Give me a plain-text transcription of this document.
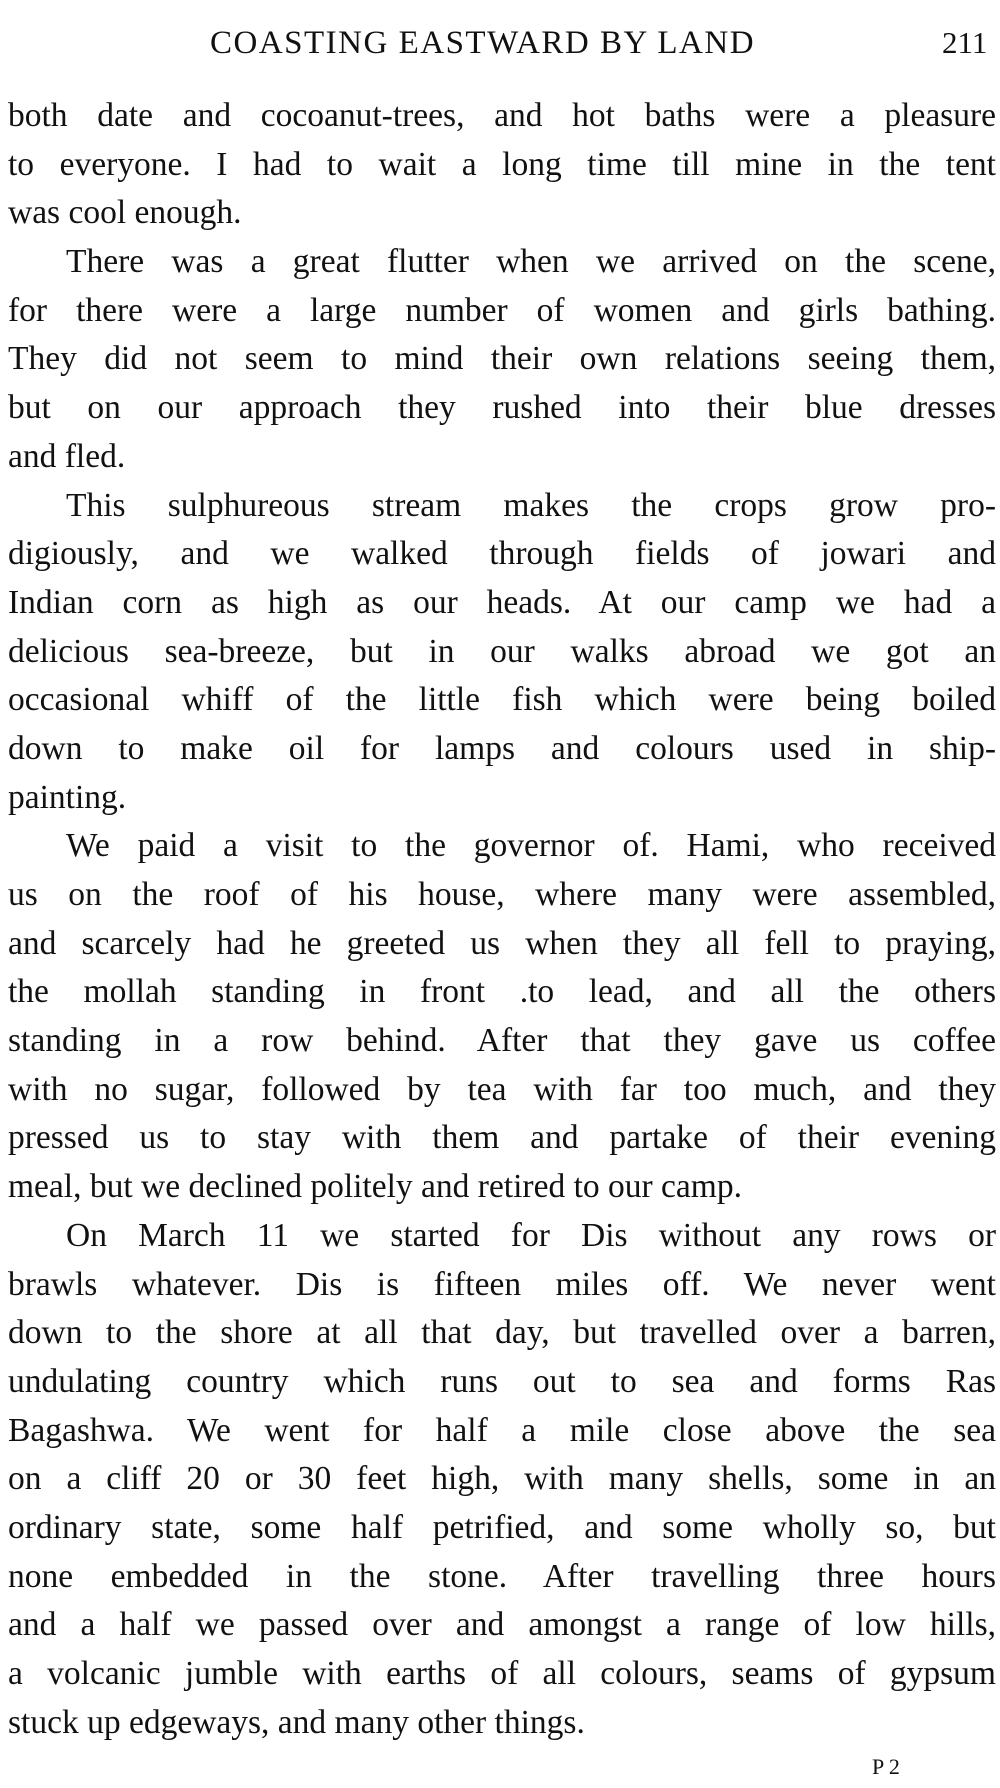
COASTING EASTWARD BY LAND	211
both date and cocoanut-trees, and hot baths were a pleasure
to everyone. I had to wait a long time till mine in the tent
was cool enough.
There was a great flutter when we arrived on the scene,
for there were a large number of women and girls bathing.
They did not seem to mind their own relations seeing them,
but on our approach they rushed into their blue dresses
and fled.
This sulphureous stream makes the crops grow pro-
digiously, and we walked through fields of jowari and
Indian corn as high as our heads. At our camp we had a
delicious sea-breeze, but in our walks abroad we got an
occasional whiff of the little fish which were being boiled
down to make oil for lamps and colours used in ship-
painting.
We paid a visit to the governor of. Hami, who received
us on the roof of his house, where many were assembled,
and scarcely had he greeted us when they all fell to praying,
the mollah standing in front .to lead, and all the others
standing in a row behind. After that they gave us coffee
with no sugar, followed by tea with far too much, and they
pressed us to stay with them and partake of their evening
meal, but we declined politely and retired to our camp.
On March 11 we started for Dis without any rows or
brawls whatever. Dis is fifteen miles off. We never went
down to the shore at all that day, but travelled over a barren,
undulating country which runs out to sea and forms Ras
Bagashwa. We went for half a mile close above the sea
on a cliff 20 or 30 feet high, with many shells, some in an
ordinary state, some half petrified, and some wholly so, but
none embedded in the stone. After travelling three hours
and a half we passed over and amongst a range of low hills,
a volcanic jumble with earths of all colours, seams of gypsum
stuck up edgeways, and many other things.
P 2
